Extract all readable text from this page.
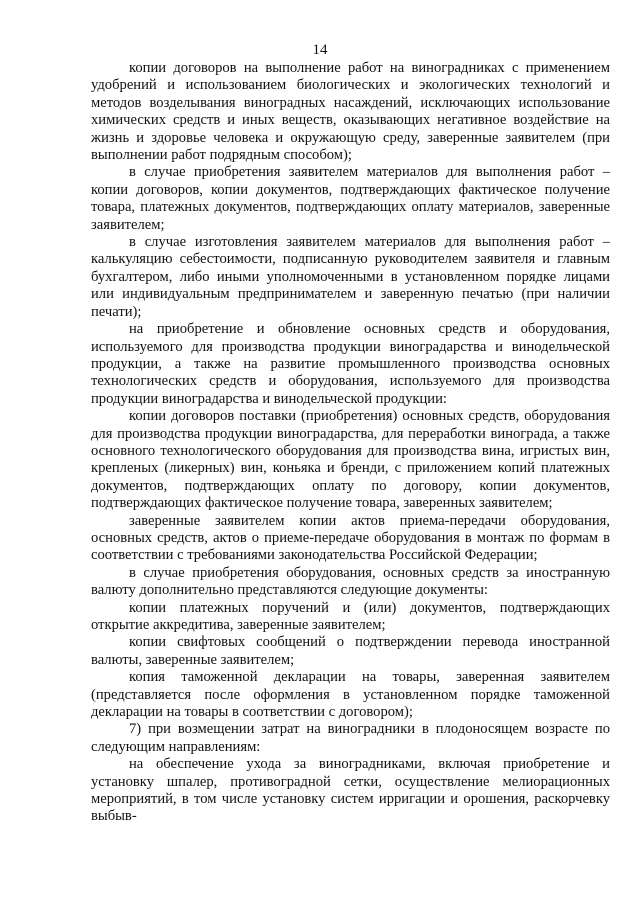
14

копии договоров на выполнение работ на виноградниках с применением удобрений и использованием биологических и экологических технологий и методов возделывания виноградных насаждений, исключающих использование химических средств и иных веществ, оказывающих негативное воздействие на жизнь и здоровье человека и окружающую среду, заверенные заявителем (при выполнении работ подрядным способом);

в случае приобретения заявителем материалов для выполнения работ – копии договоров, копии документов, подтверждающих фактическое получение товара, платежных документов, подтверждающих оплату материалов, заверенные заявителем;

в случае изготовления заявителем материалов для выполнения работ – калькуляцию себестоимости, подписанную руководителем заявителя и главным бухгалтером, либо иными уполномоченными в установленном порядке лицами или индивидуальным предпринимателем и заверенную печатью (при наличии печати);

на приобретение и обновление основных средств и оборудования, используемого для производства продукции виноградарства и винодельческой продукции, а также на развитие промышленного производства основных технологических средств и оборудования, используемого для производства продукции виноградарства и винодельческой продукции:

копии договоров поставки (приобретения) основных средств, оборудования для производства продукции виноградарства, для переработки винограда, а также основного технологического оборудования для производства вина, игристых вин, крепленых (ликерных) вин, коньяка и бренди, с приложением копий платежных документов, подтверждающих оплату по договору, копии документов, подтверждающих фактическое получение товара, заверенных заявителем;

заверенные заявителем копии актов приема-передачи оборудования, основных средств, актов о приеме-передаче оборудования в монтаж по формам в соответствии с требованиями законодательства Российской Федерации;

в случае приобретения оборудования, основных средств за иностранную валюту дополнительно представляются следующие документы:

копии платежных поручений и (или) документов, подтверждающих открытие аккредитива, заверенные заявителем;

копии свифтовых сообщений о подтверждении перевода иностранной валюты, заверенные заявителем;

копия таможенной декларации на товары, заверенная заявителем (представляется после оформления в установленном порядке таможенной декларации на товары в соответствии с договором);

7) при возмещении затрат на виноградники в плодоносящем возрасте по следующим направлениям:

на обеспечение ухода за виноградниками, включая приобретение и установку шпалер, противоградной сетки, осуществление мелиорационных мероприятий, в том числе установку систем ирригации и орошения, раскорчевку выбыв-
